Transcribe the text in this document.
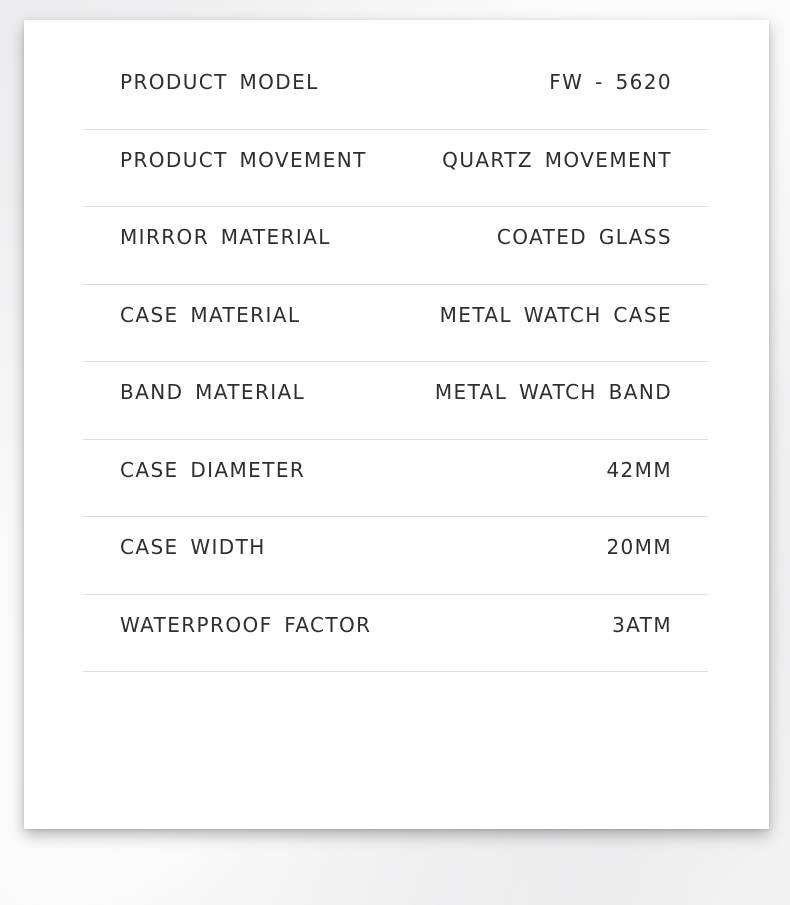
PRODUCT MODEL	FW - 5620
PRODUCT MOVEMENT	QUARTZ MOVEMENT
MIRROR MATERIAL	COATED GLASS
CASE MATERIAL	METAL WATCH CASE
BAND MATERIAL	METAL WATCH BAND
CASE DIAMETER	42MM
CASE WIDTH	20MM
WATERPROOF FACTOR	3ATM
